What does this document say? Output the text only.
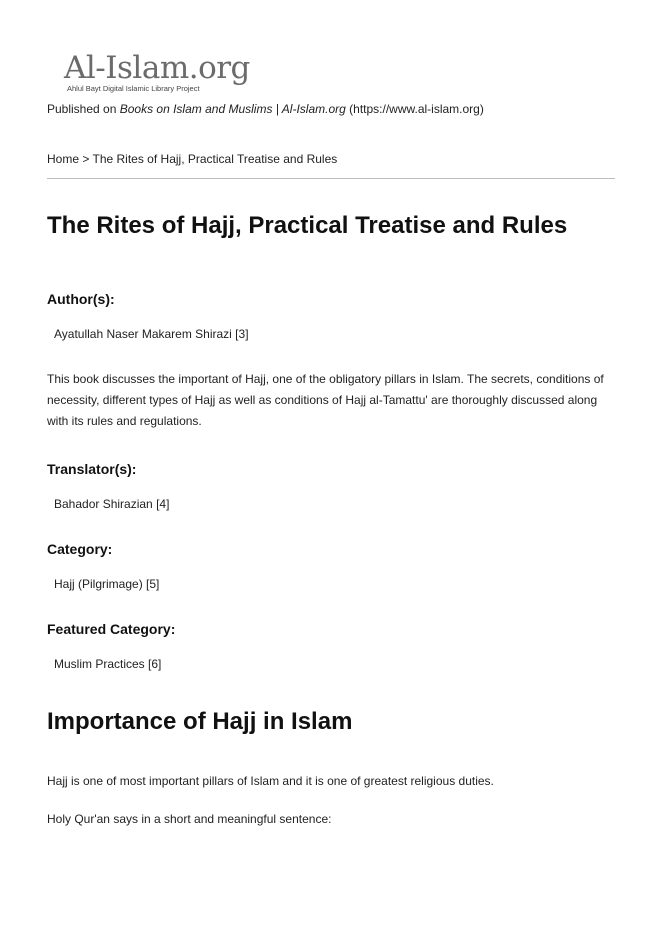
Al-Islam.org
Ahlul Bayt Digital Islamic Library Project
Published on Books on Islam and Muslims | Al-Islam.org (https://www.al-islam.org)
Home > The Rites of Hajj, Practical Treatise and Rules
The Rites of Hajj, Practical Treatise and Rules
Author(s):
Ayatullah Naser Makarem Shirazi [3]

This book discusses the important of Hajj, one of the obligatory pillars in Islam. The secrets, conditions of necessity, different types of Hajj as well as conditions of Hajj al-Tamattu' are thoroughly discussed along with its rules and regulations.

Translator(s):
Bahador Shirazian [4]
Category:
Hajj (Pilgrimage) [5]
Featured Category:
Muslim Practices [6]
Importance of Hajj in Islam

Hajj is one of most important pillars of Islam and it is one of greatest religious duties.

Holy Qur'an says in a short and meaningful sentence:
